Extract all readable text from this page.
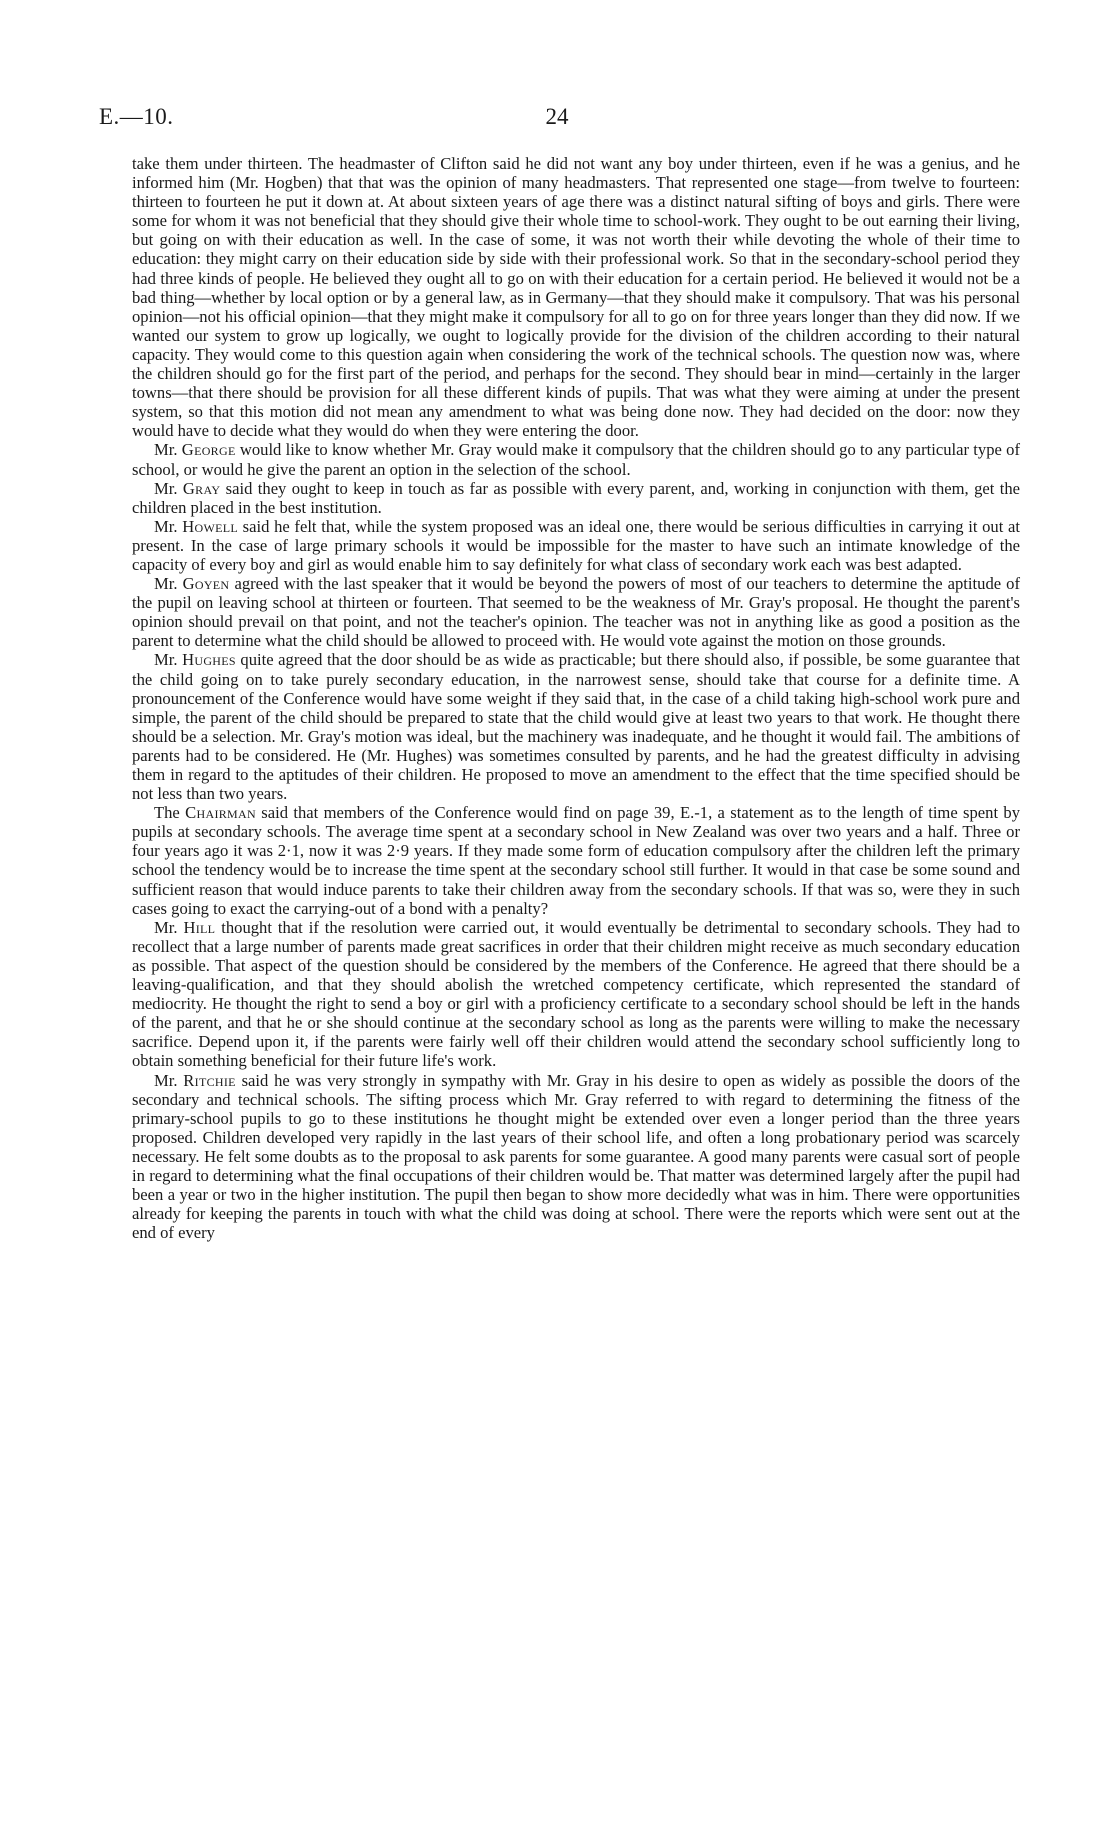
E.—10.	24

take them under thirteen. The headmaster of Clifton said he did not want any boy under thirteen, even if he was a genius, and he informed him (Mr. Hogben) that that was the opinion of many headmasters. That represented one stage—from twelve to fourteen: thirteen to fourteen he put it down at. At about sixteen years of age there was a distinct natural sifting of boys and girls. There were some for whom it was not beneficial that they should give their whole time to school-work. They ought to be out earning their living, but going on with their education as well. In the case of some, it was not worth their while devoting the whole of their time to education: they might carry on their education side by side with their professional work. So that in the secondary-school period they had three kinds of people. He believed they ought all to go on with their education for a certain period. He believed it would not be a bad thing—whether by local option or by a general law, as in Germany—that they should make it compulsory. That was his personal opinion—not his official opinion—that they might make it compulsory for all to go on for three years longer than they did now. If we wanted our system to grow up logically, we ought to logically provide for the division of the children according to their natural capacity. They would come to this question again when considering the work of the technical schools. The question now was, where the children should go for the first part of the period, and perhaps for the second. They should bear in mind—certainly in the larger towns—that there should be provision for all these different kinds of pupils. That was what they were aiming at under the present system, so that this motion did not mean any amendment to what was being done now. They had decided on the door: now they would have to decide what they would do when they were entering the door.

Mr. George would like to know whether Mr. Gray would make it compulsory that the children should go to any particular type of school, or would he give the parent an option in the selection of the school.

Mr. Gray said they ought to keep in touch as far as possible with every parent, and, working in conjunction with them, get the children placed in the best institution.

Mr. Howell said he felt that, while the system proposed was an ideal one, there would be serious difficulties in carrying it out at present. In the case of large primary schools it would be impossible for the master to have such an intimate knowledge of the capacity of every boy and girl as would enable him to say definitely for what class of secondary work each was best adapted.

Mr. Goyen agreed with the last speaker that it would be beyond the powers of most of our teachers to determine the aptitude of the pupil on leaving school at thirteen or fourteen. That seemed to be the weakness of Mr. Gray's proposal. He thought the parent's opinion should prevail on that point, and not the teacher's opinion. The teacher was not in anything like as good a position as the parent to determine what the child should be allowed to proceed with. He would vote against the motion on those grounds.

Mr. Hughes quite agreed that the door should be as wide as practicable; but there should also, if possible, be some guarantee that the child going on to take purely secondary education, in the narrowest sense, should take that course for a definite time. A pronouncement of the Conference would have some weight if they said that, in the case of a child taking high-school work pure and simple, the parent of the child should be prepared to state that the child would give at least two years to that work. He thought there should be a selection. Mr. Gray's motion was ideal, but the machinery was inadequate, and he thought it would fail. The ambitions of parents had to be considered. He (Mr. Hughes) was sometimes consulted by parents, and he had the greatest difficulty in advising them in regard to the aptitudes of their children. He proposed to move an amendment to the effect that the time specified should be not less than two years.

The Chairman said that members of the Conference would find on page 39, E.-1, a statement as to the length of time spent by pupils at secondary schools. The average time spent at a secondary school in New Zealand was over two years and a half. Three or four years ago it was 2·1, now it was 2·9 years. If they made some form of education compulsory after the children left the primary school the tendency would be to increase the time spent at the secondary school still further. It would in that case be some sound and sufficient reason that would induce parents to take their children away from the secondary schools. If that was so, were they in such cases going to exact the carrying-out of a bond with a penalty?

Mr. Hill thought that if the resolution were carried out, it would eventually be detrimental to secondary schools. They had to recollect that a large number of parents made great sacrifices in order that their children might receive as much secondary education as possible. That aspect of the question should be considered by the members of the Conference. He agreed that there should be a leaving-qualification, and that they should abolish the wretched competency certificate, which represented the standard of mediocrity. He thought the right to send a boy or girl with a proficiency certificate to a secondary school should be left in the hands of the parent, and that he or she should continue at the secondary school as long as the parents were willing to make the necessary sacrifice. Depend upon it, if the parents were fairly well off their children would attend the secondary school sufficiently long to obtain something beneficial for their future life's work.

Mr. Ritchie said he was very strongly in sympathy with Mr. Gray in his desire to open as widely as possible the doors of the secondary and technical schools. The sifting process which Mr. Gray referred to with regard to determining the fitness of the primary-school pupils to go to these institutions he thought might be extended over even a longer period than the three years proposed. Children developed very rapidly in the last years of their school life, and often a long probationary period was scarcely necessary. He felt some doubts as to the proposal to ask parents for some guarantee. A good many parents were casual sort of people in regard to determining what the final occupations of their children would be. That matter was determined largely after the pupil had been a year or two in the higher institution. The pupil then began to show more decidedly what was in him. There were opportunities already for keeping the parents in touch with what the child was doing at school. There were the reports which were sent out at the end of every
